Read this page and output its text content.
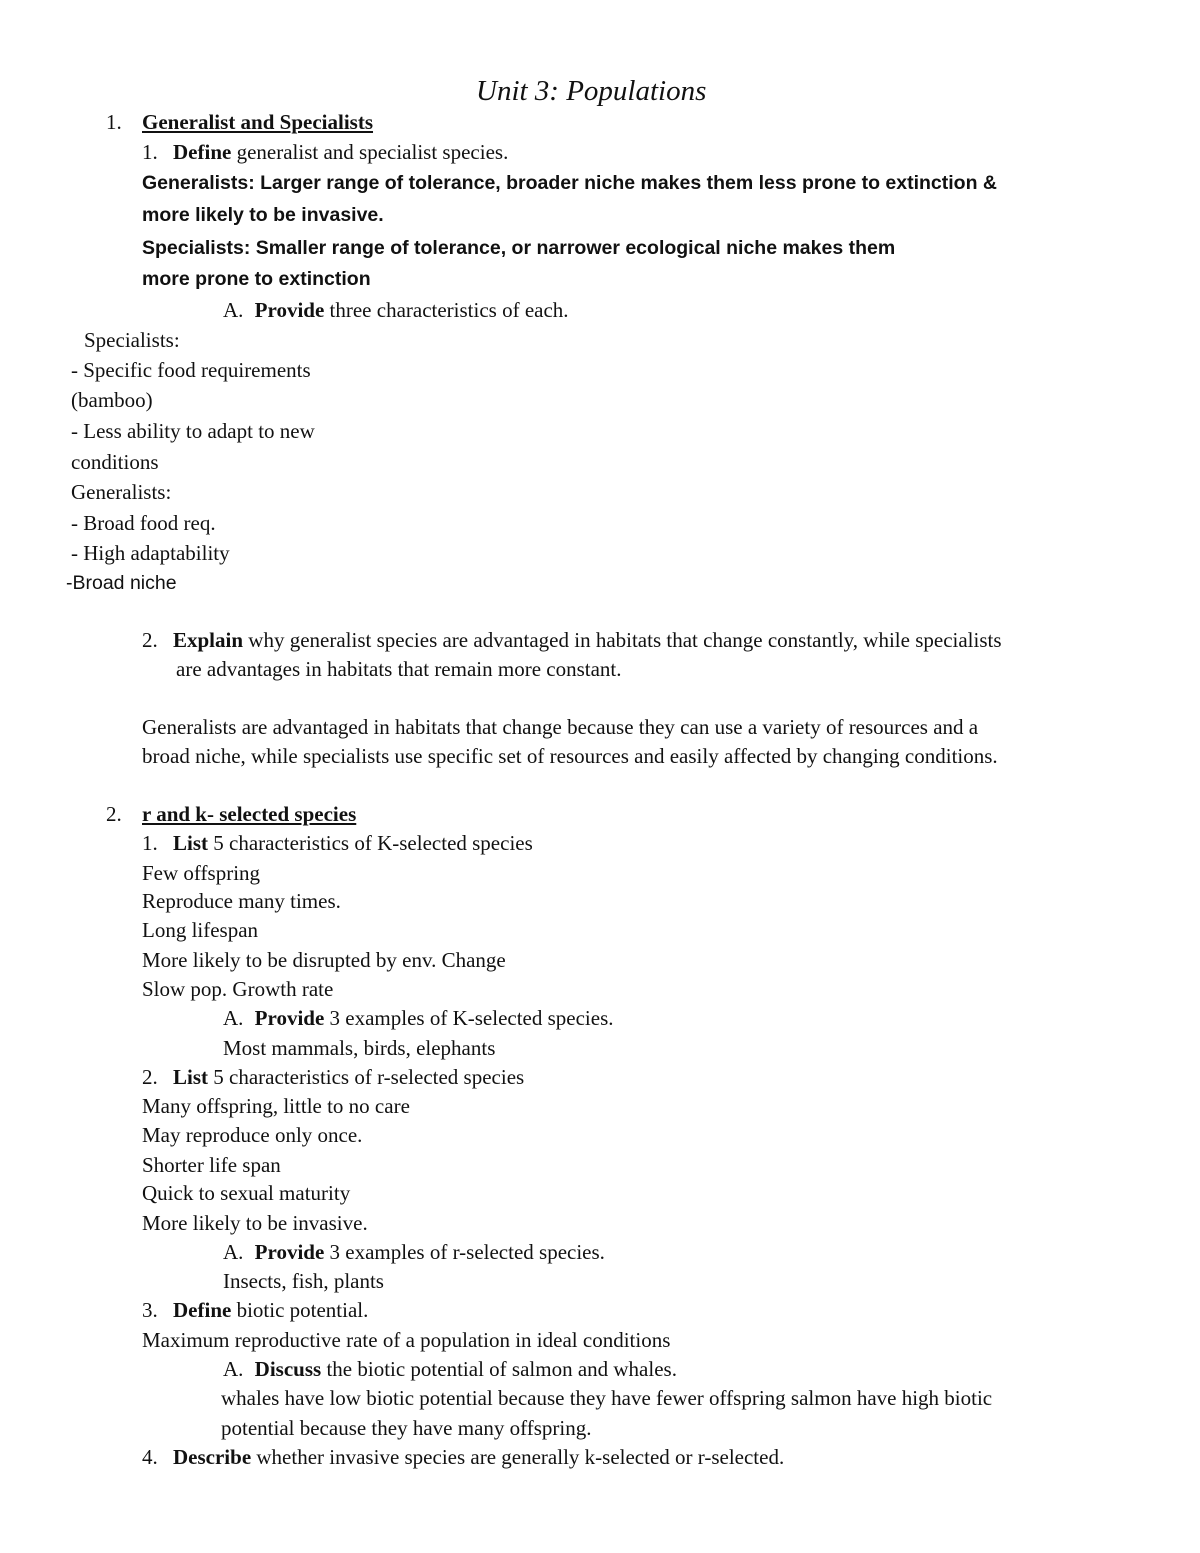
Unit 3: Populations
1. Generalist and Specialists
1. Define generalist and specialist species.
Generalists: Larger range of tolerance, broader niche makes them less prone to extinction &
more likely to be invasive.
Specialists: Smaller range of tolerance, or narrower ecological niche makes them
more prone to extinction
A. Provide three characteristics of each.
Specialists:
- Specific food requirements
(bamboo)
- Less ability to adapt to new
conditions
Generalists:
- Broad food req.
- High adaptability
-Broad niche
2. Explain why generalist species are advantaged in habitats that change constantly, while specialists
are advantages in habitats that remain more constant.
Generalists are advantaged in habitats that change because they can use a variety of resources and a
broad niche, while specialists use specific set of resources and easily affected by changing conditions.
2. r and k- selected species
1. List 5 characteristics of K-selected species
Few offspring
Reproduce many times.
Long lifespan
More likely to be disrupted by env. Change
Slow pop. Growth rate
A. Provide 3 examples of K-selected species.
Most mammals, birds, elephants
2. List 5 characteristics of r-selected species
Many offspring, little to no care
May reproduce only once.
Shorter life span
Quick to sexual maturity
More likely to be invasive.
A. Provide 3 examples of r-selected species.
Insects, fish, plants
3. Define biotic potential.
Maximum reproductive rate of a population in ideal conditions
A. Discuss the biotic potential of salmon and whales.
whales have low biotic potential because they have fewer offspring salmon have high biotic
potential because they have many offspring.
4. Describe whether invasive species are generally k-selected or r-selected.
